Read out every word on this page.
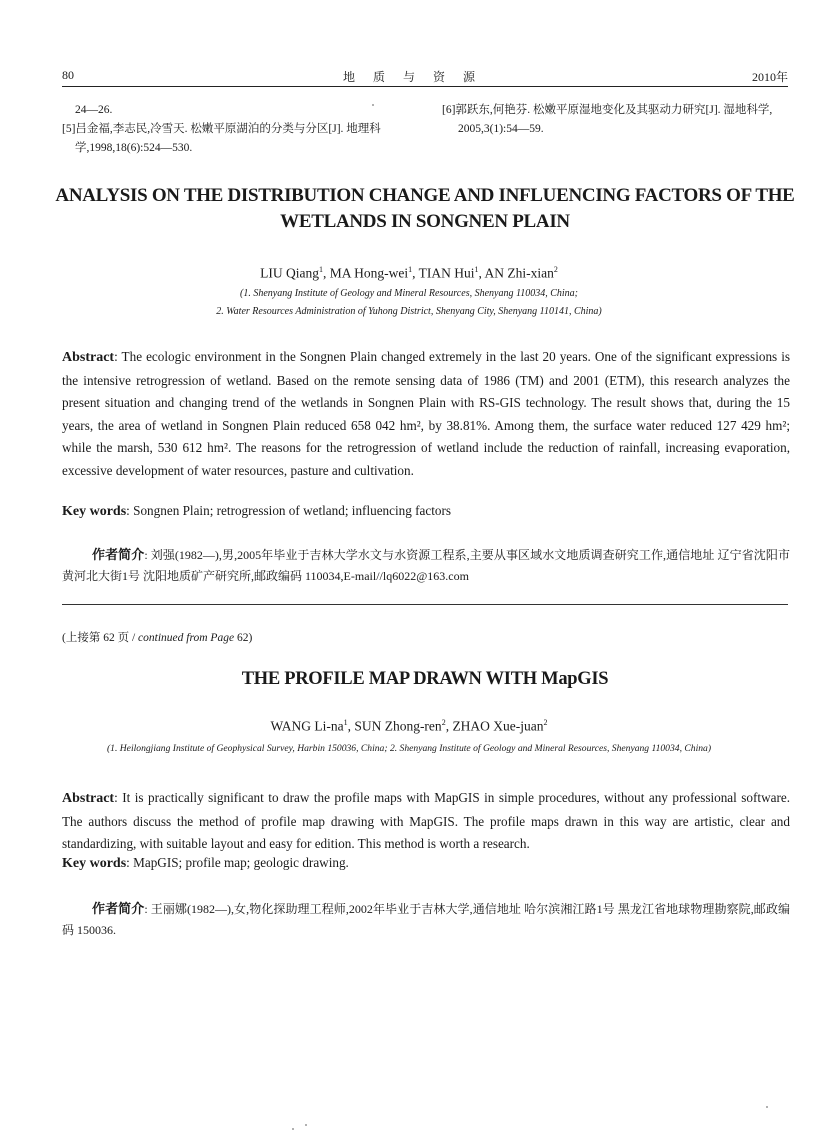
80	地质与资源	2010年
24—26.
[5]吕金福,李志民,冷雪天. 松嫩平原湖泊的分类与分区[J]. 地理科
学,1998,18(6):524—530.
[6]郭跃东,何艳芬. 松嫩平原湿地变化及其驱动力研究[J]. 湿地科学,
2005,3(1):54—59.
ANALYSIS ON THE DISTRIBUTION CHANGE AND INFLUENCING FACTORS OF THE
WETLANDS IN SONGNEN PLAIN
LIU Qiang$^1$, MA Hong-wei$^1$, TIAN Hui$^1$, AN Zhi-xian$^2$
(1. Shenyang Institute of Geology and Mineral Resources, Shenyang 110034, China;
2. Water Resources Administration of Yuhong District, Shenyang City, Shenyang 110141, China)
Abstract: The ecologic environment in the Songnen Plain changed extremely in the last 20 years. One of the significant expressions is the intensive retrogression of wetland. Based on the remote sensing data of 1986 (TM) and 2001 (ETM), this research analyzes the present situation and changing trend of the wetlands in Songnen Plain with RS-GIS technology. The result shows that, during the 15 years, the area of wetland in Songnen Plain reduced 658 042 hm², by 38.81%. Among them, the surface water reduced 127 429 hm²; while the marsh, 530 612 hm². The reasons for the retrogression of wetland include the reduction of rainfall, increasing evaporation, excessive development of water resources, pasture and cultivation.
Key words: Songnen Plain; retrogression of wetland; influencing factors
作者简介: 刘强(1982—),男,2005年毕业于吉林大学水文与水资源工程系,主要从事区域水文地质调查研究工作,通信地址 辽宁省沈阳市黄河北大街1号 沈阳地质矿产研究所,邮政编码 110034,E-mail//lq6022@163.com
(上接第 62 页 / continued from Page 62)
THE PROFILE MAP DRAWN WITH MapGIS
WANG $Li-na^1$, SUN Zhong-ren$^2$, ZHAO Xue-juan$^2$
(1. Heilongjiang Institute of Geophysical Survey, Harbin 150036, China; 2. Shenyang Institute of Geology and Mineral Resources, Shenyang 110034, China)
Abstract: It is practically significant to draw the profile maps with MapGIS in simple procedures, without any professional software. The authors discuss the method of profile map drawing with MapGIS. The profile maps drawn in this way are artistic, clear and standardizing, with suitable layout and easy for edition. This method is worth a research.
Key words: MapGIS; profile map; geologic drawing.
作者简介: 王丽娜(1982—),女,物化探助理工程师,2002年毕业于吉林大学,通信地址 哈尔滨湘江路1号 黑龙江省地球物理勘察院,邮政编码 150036.
